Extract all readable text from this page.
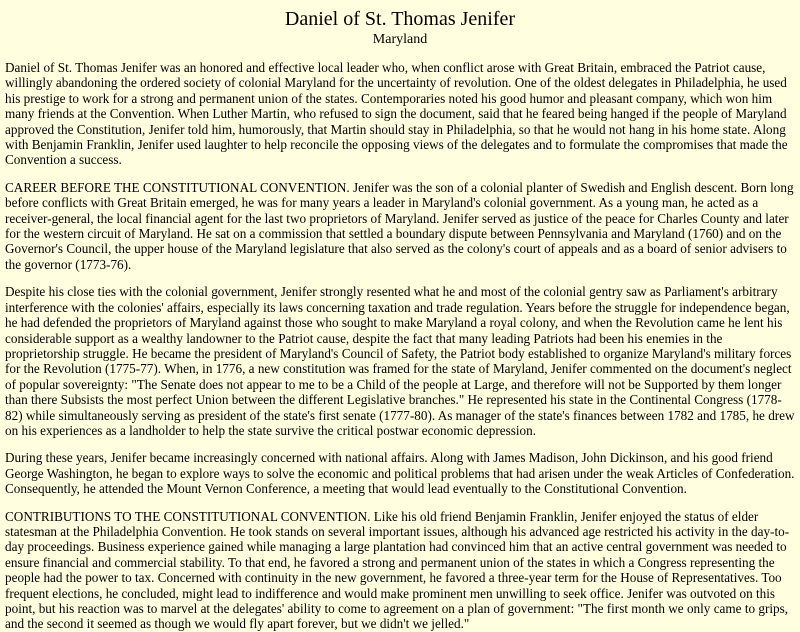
Daniel of St. Thomas Jenifer
Maryland

Daniel of St. Thomas Jenifer was an honored and effective local leader who, when conflict arose with Great Britain, embraced the Patriot cause, willingly abandoning the ordered society of colonial Maryland for the uncertainty of revolution. One of the oldest delegates in Philadelphia, he used his prestige to work for a strong and permanent union of the states. Contemporaries noted his good humor and pleasant company, which won him many friends at the Convention. When Luther Martin, who refused to sign the document, said that he feared being hanged if the people of Maryland approved the Constitution, Jenifer told him, humorously, that Martin should stay in Philadelphia, so that he would not hang in his home state. Along with Benjamin Franklin, Jenifer used laughter to help reconcile the opposing views of the delegates and to formulate the compromises that made the Convention a success.

CAREER BEFORE THE CONSTITUTIONAL CONVENTION. Jenifer was the son of a colonial planter of Swedish and English descent. Born long before conflicts with Great Britain emerged, he was for many years a leader in Maryland's colonial government. As a young man, he acted as a receiver-general, the local financial agent for the last two proprietors of Maryland. Jenifer served as justice of the peace for Charles County and later for the western circuit of Maryland. He sat on a commission that settled a boundary dispute between Pennsylvania and Maryland (1760) and on the Governor's Council, the upper house of the Maryland legislature that also served as the colony's court of appeals and as a board of senior advisers to the governor (1773-76).

Despite his close ties with the colonial government, Jenifer strongly resented what he and most of the colonial gentry saw as Parliament's arbitrary interference with the colonies' affairs, especially its laws concerning taxation and trade regulation. Years before the struggle for independence began, he had defended the proprietors of Maryland against those who sought to make Maryland a royal colony, and when the Revolution came he lent his considerable support as a wealthy landowner to the Patriot cause, despite the fact that many leading Patriots had been his enemies in the proprietorship struggle. He became the president of Maryland's Council of Safety, the Patriot body established to organize Maryland's military forces for the Revolution (1775-77). When, in 1776, a new constitution was framed for the state of Maryland, Jenifer commented on the document's neglect of popular sovereignty: "The Senate does not appear to me to be a Child of the people at Large, and therefore will not be Supported by them longer than there Subsists the most perfect Union between the different Legislative branches." He represented his state in the Continental Congress (1778-82) while simultaneously serving as president of the state's first senate (1777-80). As manager of the state's finances between 1782 and 1785, he drew on his experiences as a landholder to help the state survive the critical postwar economic depression.

During these years, Jenifer became increasingly concerned with national affairs. Along with James Madison, John Dickinson, and his good friend George Washington, he began to explore ways to solve the economic and political problems that had arisen under the weak Articles of Confederation. Consequently, he attended the Mount Vernon Conference, a meeting that would lead eventually to the Constitutional Convention.

CONTRIBUTIONS TO THE CONSTITUTIONAL CONVENTION. Like his old friend Benjamin Franklin, Jenifer enjoyed the status of elder statesman at the Philadelphia Convention. He took stands on several important issues, although his advanced age restricted his activity in the day-to-day proceedings. Business experience gained while managing a large plantation had convinced him that an active central government was needed to ensure financial and commercial stability. To that end, he favored a strong and permanent union of the states in which a Congress representing the people had the power to tax. Concerned with continuity in the new government, he favored a three-year term for the House of Representatives. Too frequent elections, he concluded, might lead to indifference and would make prominent men unwilling to seek office. Jenifer was outvoted on this point, but his reaction was to marvel at the delegates' ability to come to agreement on a plan of government: "The first month we only came to grips, and the second it seemed as though we would fly apart forever, but we didn't we jelled."
